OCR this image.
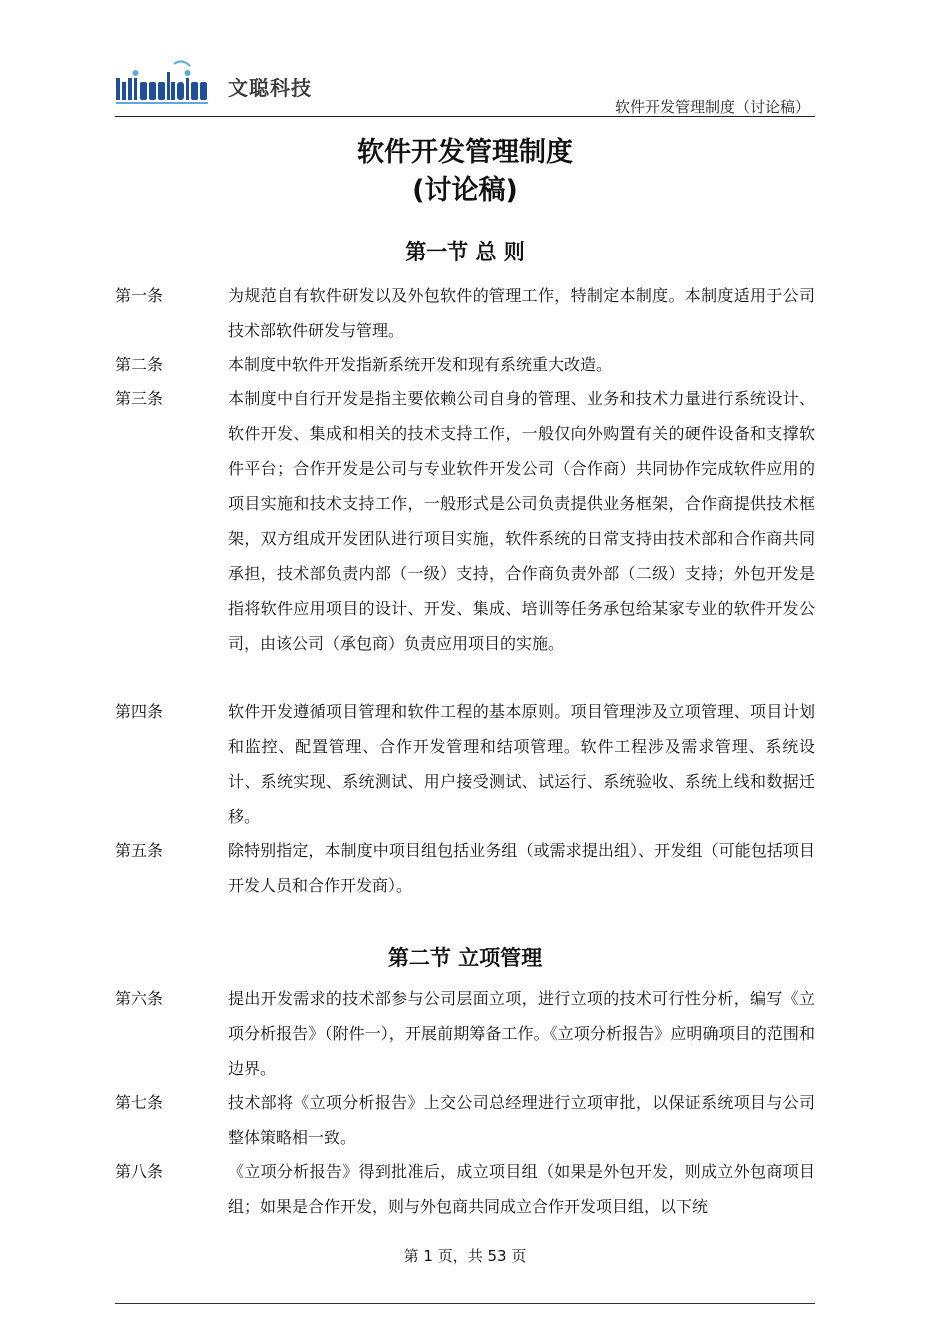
文聪科技
软件开发管理制度（讨论稿）
软件开发管理制度
(讨论稿)
第一节 总 则
第一条	为规范自有软件研发以及外包软件的管理工作，特制定本制度。本制度适用于公司技术部软件研发与管理。
第二条	本制度中软件开发指新系统开发和现有系统重大改造。
第三条	本制度中自行开发是指主要依赖公司自身的管理、业务和技术力量进行系统设计、软件开发、集成和相关的技术支持工作，一般仅向外购置有关的硬件设备和支撑软件平台；合作开发是公司与专业软件开发公司（合作商）共同协作完成软件应用的项目实施和技术支持工作，一般形式是公司负责提供业务框架，合作商提供技术框架，双方组成开发团队进行项目实施，软件系统的日常支持由技术部和合作商共同承担，技术部负责内部（一级）支持，合作商负责外部（二级）支持；外包开发是指将软件应用项目的设计、开发、集成、培训等任务承包给某家专业的软件开发公司，由该公司（承包商）负责应用项目的实施。
第四条	软件开发遵循项目管理和软件工程的基本原则。项目管理涉及立项管理、项目计划和监控、配置管理、合作开发管理和结项管理。软件工程涉及需求管理、系统设计、系统实现、系统测试、用户接受测试、试运行、系统验收、系统上线和数据迁移。
第五条	除特别指定，本制度中项目组包括业务组（或需求提出组）、开发组（可能包括项目开发人员和合作开发商）。
第二节 立项管理
第六条	提出开发需求的技术部参与公司层面立项，进行立项的技术可行性分析，编写《立项分析报告》（附件一），开展前期筹备工作。《立项分析报告》应明确项目的范围和边界。
第七条	技术部将《立项分析报告》上交公司总经理进行立项审批，以保证系统项目与公司整体策略相一致。
第八条	《立项分析报告》得到批准后，成立项目组（如果是外包开发，则成立外包商项目组；如果是合作开发，则与外包商共同成立合作开发项目组，以下统
第 1 页，共 53 页
